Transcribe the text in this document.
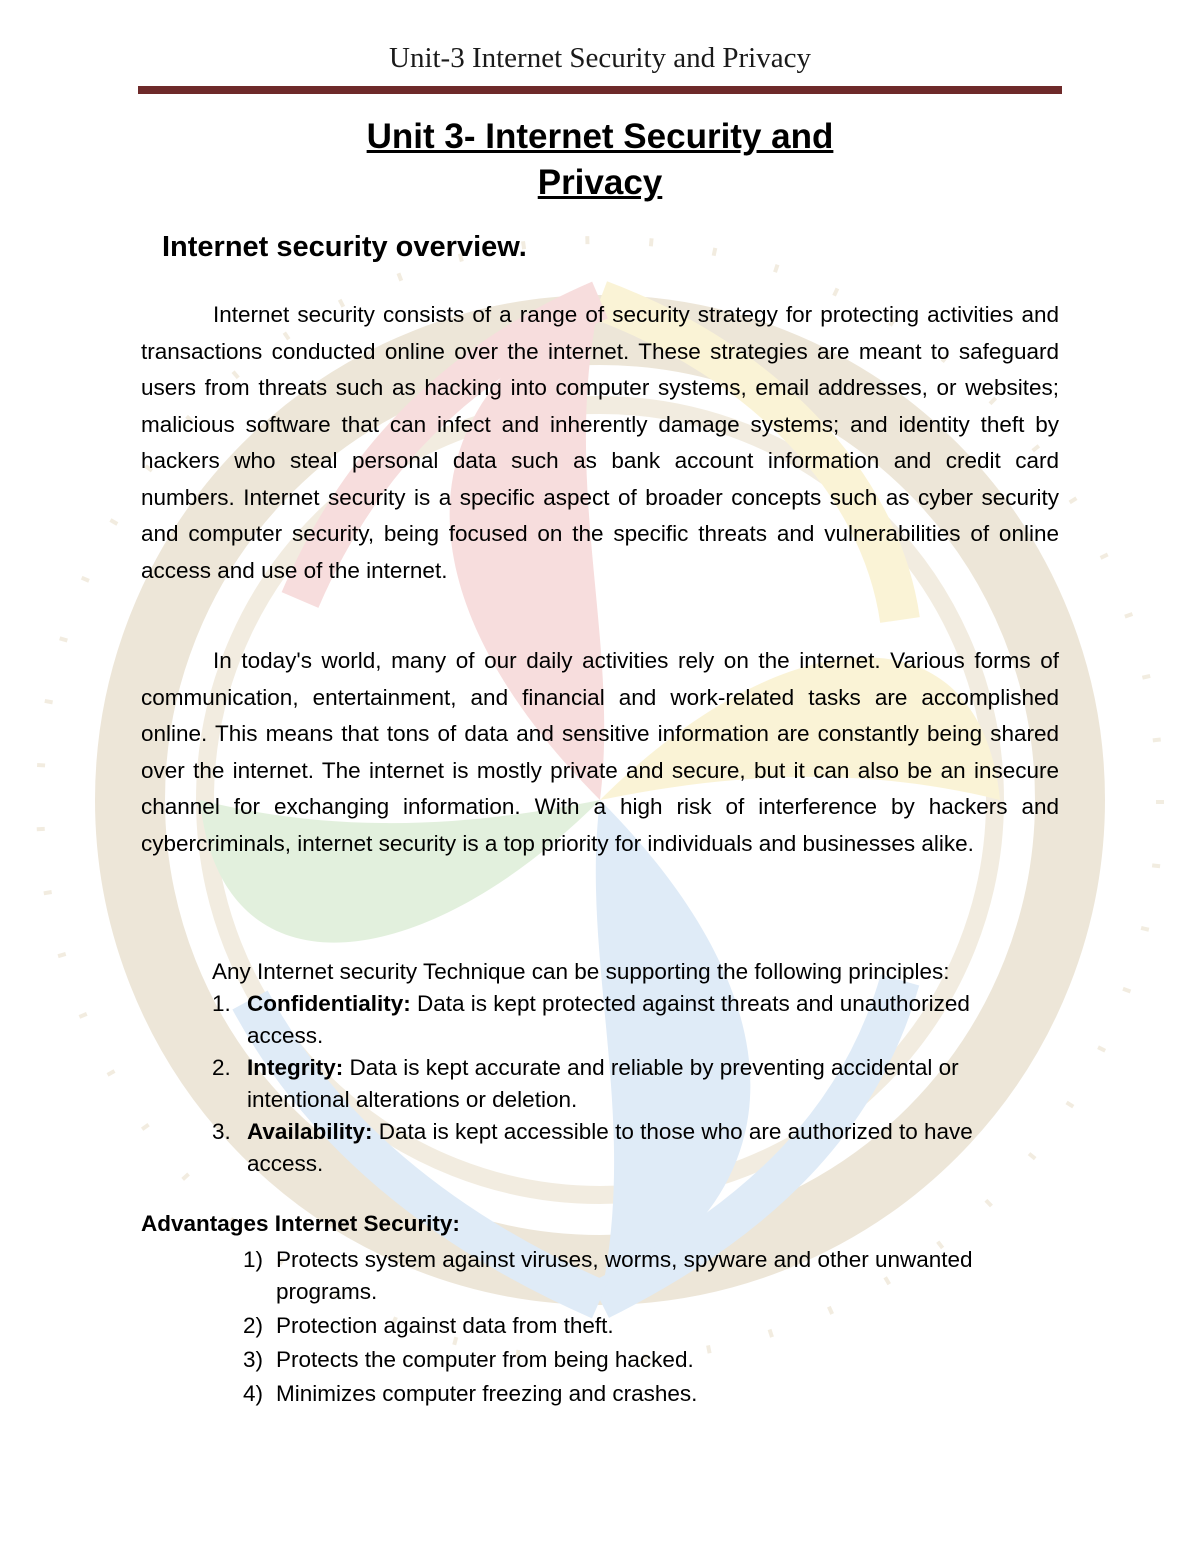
Unit-3 Internet Security and Privacy
Unit 3- Internet Security and
Privacy
Internet security overview.

Internet security consists of a range of security strategy for protecting activities and transactions conducted online over the internet. These strategies are meant to safeguard users from threats such as hacking into computer systems, email addresses, or websites; malicious software that can infect and inherently damage systems; and identity theft by hackers who steal personal data such as bank account information and credit card numbers. Internet security is a specific aspect of broader concepts such as cyber security and computer security, being focused on the specific threats and vulnerabilities of online access and use of the internet.

In today's world, many of our daily activities rely on the internet. Various forms of communication, entertainment, and financial and work-related tasks are accomplished online. This means that tons of data and sensitive information are constantly being shared over the internet. The internet is mostly private and secure, but it can also be an insecure channel for exchanging information. With a high risk of interference by hackers and cybercriminals, internet security is a top priority for individuals and businesses alike.

Any Internet security Technique can be supporting the following principles:
1. Confidentiality: Data is kept protected against threats and unauthorized access.
2. Integrity: Data is kept accurate and reliable by preventing accidental or intentional alterations or deletion.
3. Availability: Data is kept accessible to those who are authorized to have access.
Advantages Internet Security:
1) Protects system against viruses, worms, spyware and other unwanted programs.
2) Protection against data from theft.
3) Protects the computer from being hacked.
4) Minimizes computer freezing and crashes.
